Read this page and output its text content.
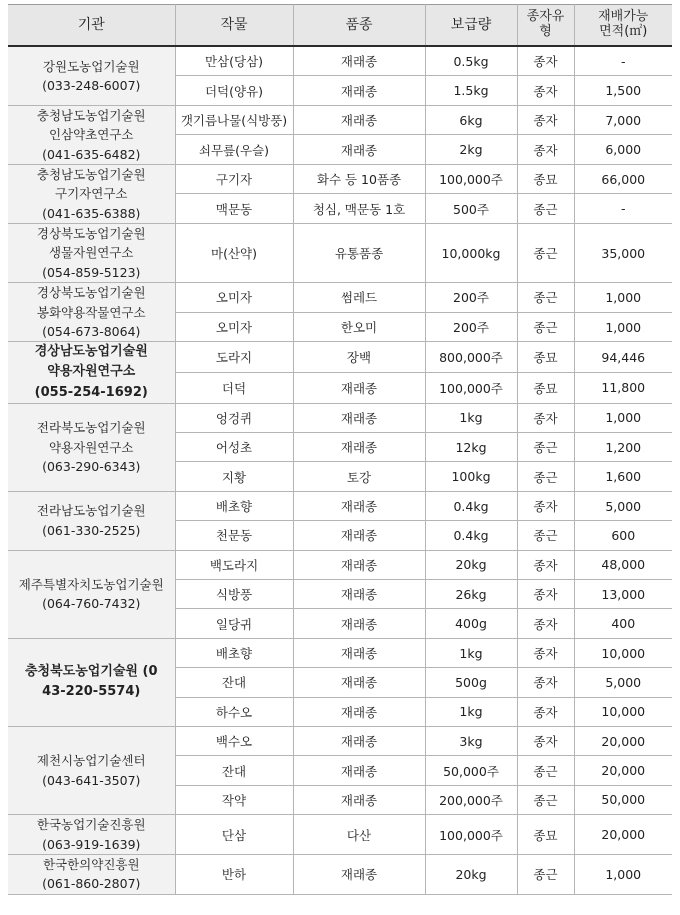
기관	작물	품종	보급량	종자유
형	재배가능
면적(㎡)

강원도농업기술원
(033-248-6007)	만삼(당삼)	재래종	0.5kg	종자	-
	더덕(양유)	재래종	1.5kg	종자	1,500

충청남도농업기술원
인삼약초연구소
(041-635-6482)	갯기름나물(식방풍)	재래종	6kg	종자	7,000
	쇠무릎(우슬)	재래종	2kg	종자	6,000

충청남도농업기술원
구기자연구소
(041-635-6388)	구기자	화수 등 10품종	100,000주	종묘	66,000
	맥문동	청심, 맥문동 1호	500주	종근	-

경상북도농업기술원
생물자원연구소
(054-859-5123)	마(산약)	유통품종	10,000kg	종근	35,000

경상북도농업기술원
봉화약용작물연구소
(054-673-8064)	오미자	썸레드	200주	종근	1,000
	오미자	한오미	200주	종근	1,000

경상남도농업기술원
약용자원연구소
(055-254-1692)	도라지	장백	800,000주	종묘	94,446
	더덕	재래종	100,000주	종묘	11,800

전라북도농업기술원
약용자원연구소
(063-290-6343)	엉겅퀴	재래종	1kg	종자	1,000
	어성초	재래종	12kg	종근	1,200
	지황	토강	100kg	종근	1,600

전라남도농업기술원
(061-330-2525)	배초향	재래종	0.4kg	종자	5,000
	천문동	재래종	0.4kg	종근	600

제주특별자치도농업기술원
(064-760-7432)	백도라지	재래종	20kg	종자	48,000
	식방풍	재래종	26kg	종자	13,000
	일당귀	재래종	400g	종자	400

충청북도농업기술원 (0
43-220-5574)	배초향	재래종	1kg	종자	10,000
	잔대	재래종	500g	종자	5,000
	하수오	재래종	1kg	종자	10,000

제천시농업기술센터
(043-641-3507)	백수오	재래종	3kg	종자	20,000
	잔대	재래종	50,000주	종근	20,000
	작약	재래종	200,000주	종근	50,000

한국농업기술진흥원
(063-919-1639)	단삼	다산	100,000주	종묘	20,000

한국한의약진흥원
(061-860-2807)	반하	재래종	20kg	종근	1,000
